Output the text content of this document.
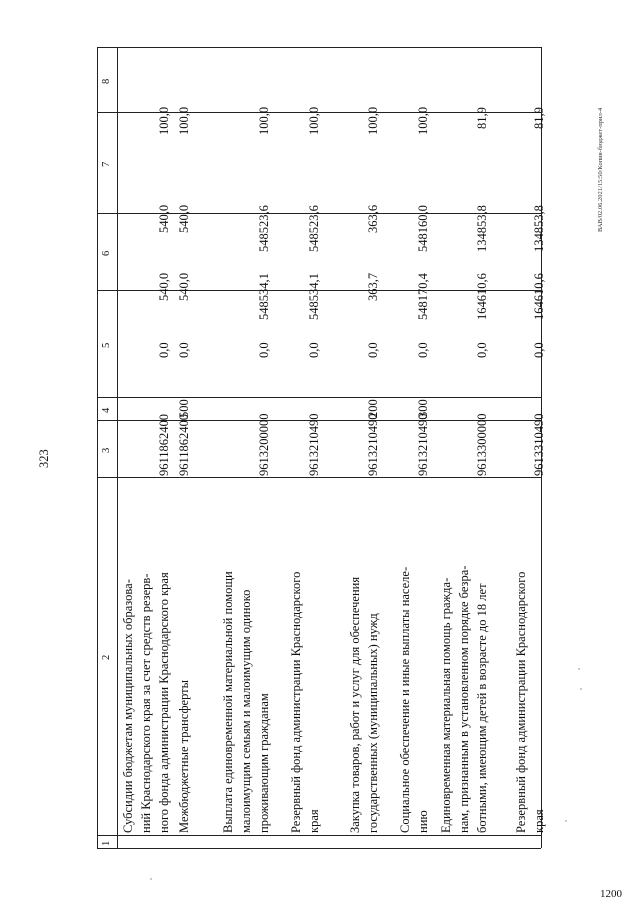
323
ВАВ/02.06.2021/15:50/Копия-бюджет-прил-4
1200
1
2
3
4
5
6
7
8
Субсидии бюджетам муниципальных образова- ний Краснодарского края за счет средств резерв- ного фонда администрации Краснодарского края
9611862400
0,0
540,0
540,0
100,0
Межбюджетные трансферты
9611862400
500
0,0
540,0
540,0
100,0
Выплата единовременной материальной помощи малоимущим семьям и малоимущим одиноко проживающим гражданам
9613200000
0,0
548534,1
548523,6
100,0
Резервный фонд администрации Краснодарского края
9613210490
0,0
548534,1
548523,6
100,0
Закупка товаров, работ и услуг для обеспечения государственных (муниципальных) нужд
9613210490
200
0,0
363,7
363,6
100,0
Социальное обеспечение и иные выплаты населе- нию
9613210490
300
0,0
548170,4
548160,0
100,0
Единовременная материальная помощь гражда- нам, признанным в установленном порядке безра- ботными, имеющим детей в возрасте до 18 лет
9613300000
0,0
164610,6
134853,8
81,9
Резервный фонд администрации Краснодарского края
9613310490
0,0
164610,6
134853,8
81,9
